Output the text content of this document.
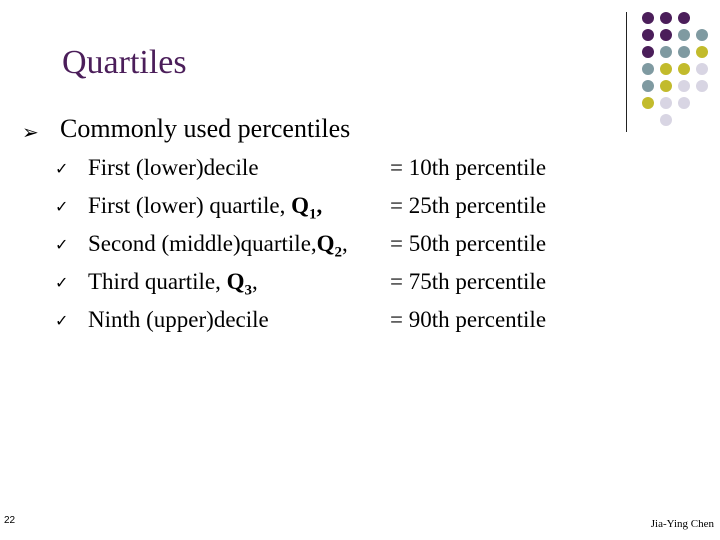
Quartiles
➢ Commonly used percentiles
✓ First (lower)decile	= 10th percentile
✓ First (lower) quartile, $Q_1$,	= 25th percentile
✓ Second $(middle)quartile,Q_2$, = 50th percentile
✓ Third quartile, $Q_3$,	= 75th percentile
✓ Ninth (upper)decile	= 90th percentile
22	Jia-Ying Chen
